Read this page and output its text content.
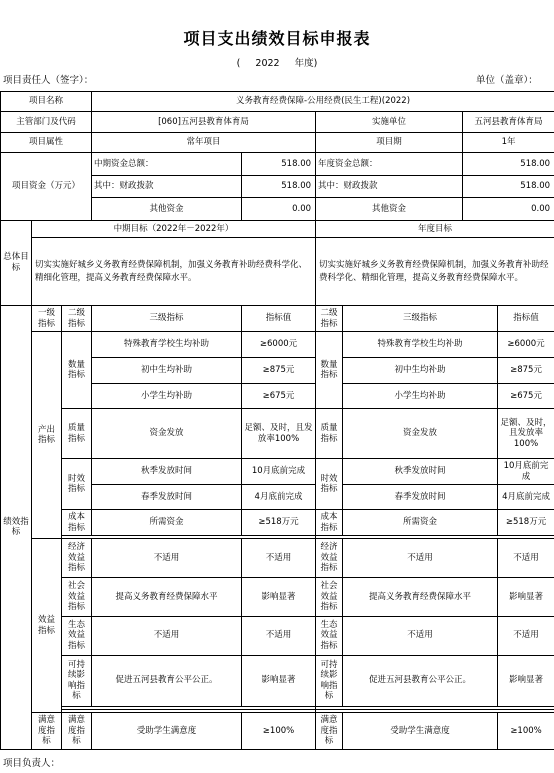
项目支出绩效目标申报表
( 2022 年度)
项目责任人（签字）：	单位（盖章）：
项目名称			义务教育经费保障-公用经费(民生工程)(2022)					
主管部门及代码			[060]五河县教育体育局		实施单位		五河县教育体育局	
项目属性			常年项目		项目期		1年	
项目资金（万元）			中期资金总额：	518.00	年度资金总额：		518.00	
			其中：财政拨款	518.00	其中：财政拨款		518.00	
			其他资金	0.00	其他资金		0.00	
总体目标	中期目标（2022年－2022年）				年度目标			
	切实实施好城乡义务教育经费保障机制，加强义务教育补助经费科学化、精细化管理，提高义务教育经费保障水平。				切实实施好城乡义务教育经费保障机制，加强义务教育补助经费科学化、精细化管理，提高义务教育经费保障水平。			
绩效指标	一级指标	二级指标	三级指标	指标值	二级指标	三级指标		指标值
	产出指标	数量指标	特殊教育学校生均补助	≥6000元	数量指标	特殊教育学校生均补助		≥6000元
			初中生均补助	≥875元		初中生均补助		≥875元
			小学生均补助	≥675元		小学生均补助		≥675元
		质量指标	资金发放	足额、及时，且发放率100%	质量指标	资金发放		足额、及时，且发放率100%
		时效指标	秋季发放时间	10月底前完成	时效指标	秋季发放时间		10月底前完成
			春季发放时间	4月底前完成		春季发放时间		4月底前完成
		成本指标	所需资金	≥518万元	成本指标	所需资金		≥518万元

	效益指标	经济效益指标	不适用	不适用	经济效益指标	不适用		不适用
		社会效益指标	提高义务教育经费保障水平	影响显著	社会效益指标	提高义务教育经费保障水平		影响显著
		生态效益指标	不适用	不适用	生态效益指标	不适用		不适用
		可持续影响指标	促进五河县教育公平公正。	影响显著	可持续影响指标	促进五河县教育公平公正。		影响显著

	满意度指标	满意度指标	受助学生满意度	≥100%	满意度指标	受助学生满意度		≥100%
项目负责人：
